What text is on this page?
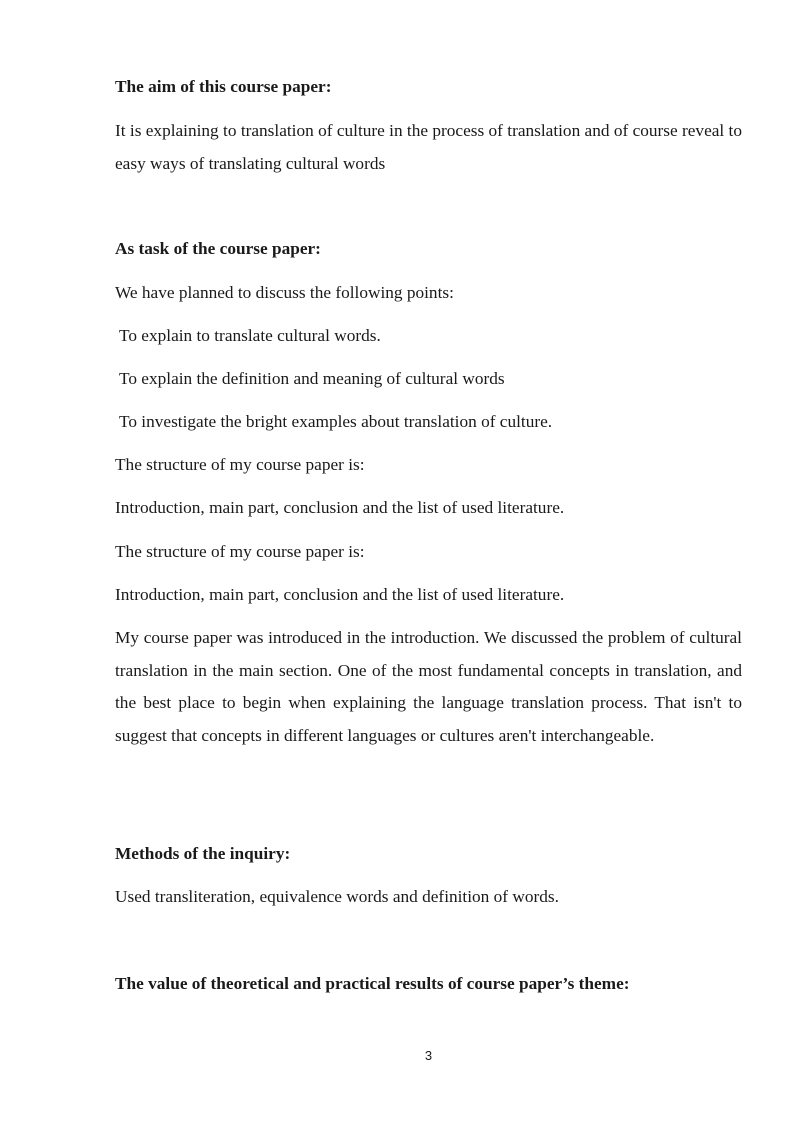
The aim of this course paper:

It is explaining to translation of culture in the process of translation and of course reveal to easy ways of translating cultural words

As task of the course paper:

We have planned to discuss the following points:

To explain to translate cultural words.

To explain the definition and meaning of cultural words

To investigate the bright examples about translation of culture.

The structure of my course paper is:

Introduction, main part, conclusion and the list of used literature.

The structure of my course paper is:

Introduction, main part, conclusion and the list of used literature.

My course paper was introduced in the introduction. We discussed the problem of cultural translation in the main section. One of the most fundamental concepts in translation, and the best place to begin when explaining the language translation process. That isn't to suggest that concepts in different languages or cultures aren't interchangeable.

Methods of the inquiry:

Used transliteration, equivalence words and definition of words.

The value of theoretical and practical results of course paper’s theme:

3
